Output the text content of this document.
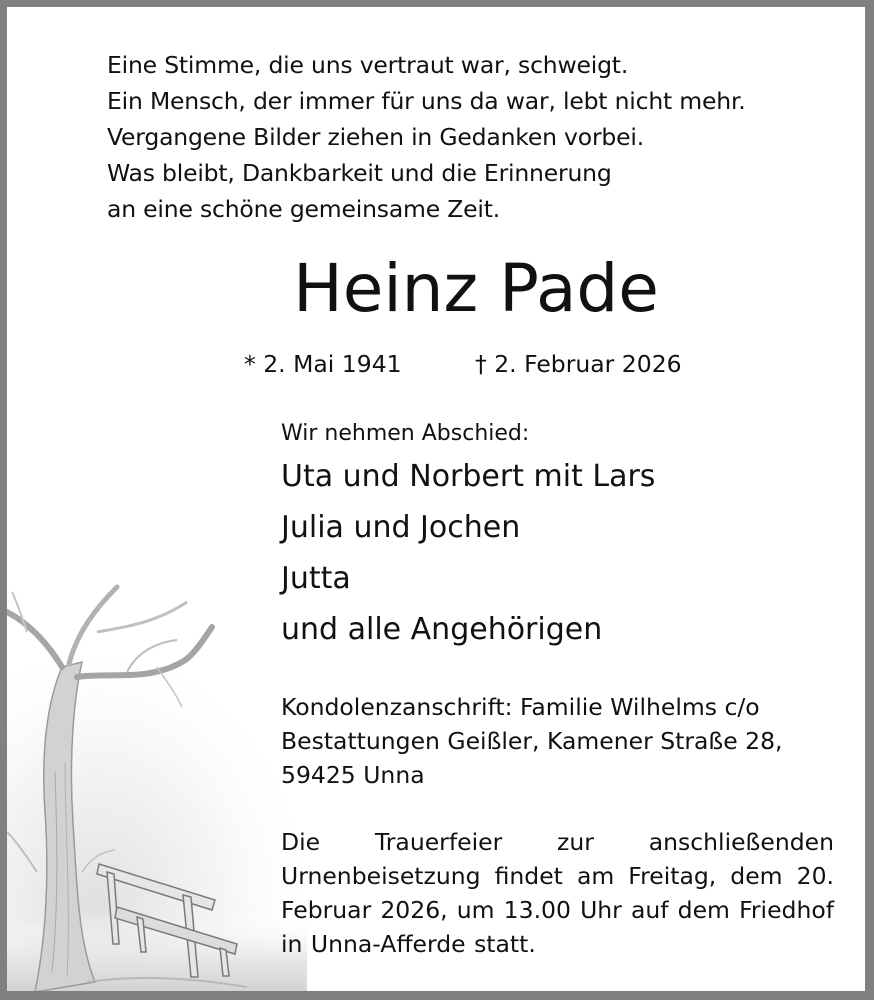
Eine Stimme, die uns vertraut war, schweigt.
Ein Mensch, der immer für uns da war, lebt nicht mehr.
Vergangene Bilder ziehen in Gedanken vorbei.
Was bleibt, Dankbarkeit und die Erinnerung
an eine schöne gemeinsame Zeit.
Heinz Pade
* 2. Mai 1941	† 2. Februar 2026
Wir nehmen Abschied:
Uta und Norbert mit Lars
Julia und Jochen
Jutta
und alle Angehörigen
Kondolenzanschrift: Familie Wilhelms c/o
Bestattungen Geißler, Kamener Straße 28,
59425 Unna
Die Trauerfeier zur anschließenden Urnenbeisetzung findet am Freitag, dem 20. Februar 2026, um 13.00 Uhr auf dem Friedhof in Unna-Afferde statt.
